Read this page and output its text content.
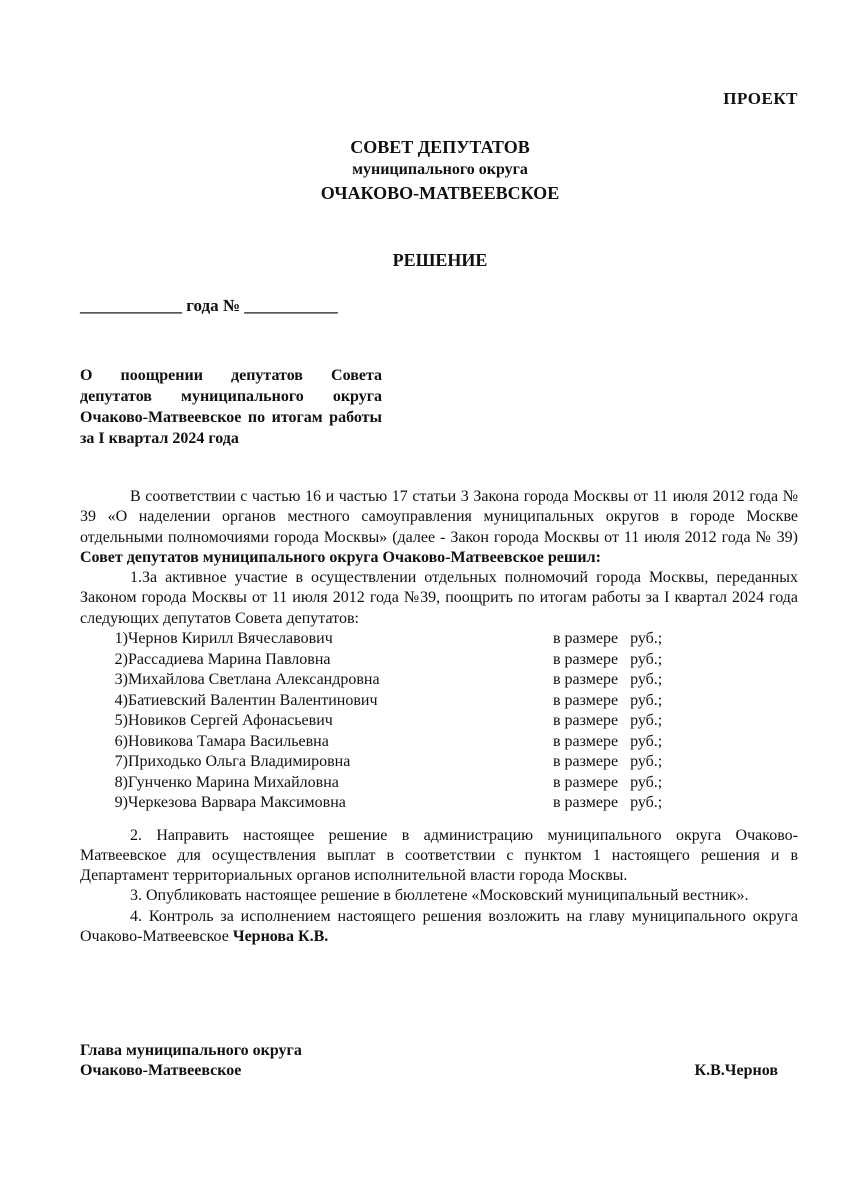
ПРОЕКТ
СОВЕТ ДЕПУТАТОВ
муниципального округа
ОЧАКОВО-МАТВЕЕВСКОЕ
РЕШЕНИЕ
____________ года № ___________
О поощрении депутатов Совета депутатов муниципального округа Очаково-Матвеевское по итогам работы за I квартал 2024 года

В соответствии с частью 16 и частью 17 статьи 3 Закона города Москвы от 11 июля 2012 года № 39 «О наделении органов местного самоуправления муниципальных округов в городе Москве отдельными полномочиями города Москвы» (далее - Закон города Москвы от 11 июля 2012 года № 39) Совет депутатов муниципального округа Очаково-Матвеевское решил:

1.За активное участие в осуществлении отдельных полномочий города Москвы, переданных Законом города Москвы от 11 июля 2012 года №39, поощрить по итогам работы за I квартал 2024 года следующих депутатов Совета депутатов:

1) Чернов Кирилл Вячеславович	в размере   руб.;
2) Рассадиева Марина Павловна	в размере   руб.;
3) Михайлова Светлана Александровна	в размере   руб.;
4) Батиевский Валентин Валентинович	в размере   руб.;
5) Новиков Сергей Афонасьевич	в размере   руб.;
6) Новикова Тамара Васильевна	в размере   руб.;
7) Приходько Ольга Владимировна	в размере   руб.;
8) Гунченко Марина Михайловна	в размере   руб.;
9) Черкезова Варвара Максимовна	в размере   руб.;

2. Направить настоящее решение в администрацию муниципального округа Очаково-Матвеевское для осуществления выплат в соответствии с пунктом 1 настоящего решения и в Департамент территориальных органов исполнительной власти города Москвы.

3. Опубликовать настоящее решение в бюллетене «Московский муниципальный вестник».

4. Контроль за исполнением настоящего решения возложить на главу муниципального округа Очаково-Матвеевское Чернова К.В.

Глава муниципального округа
Очаково-Матвеевское	К.В.Чернов
